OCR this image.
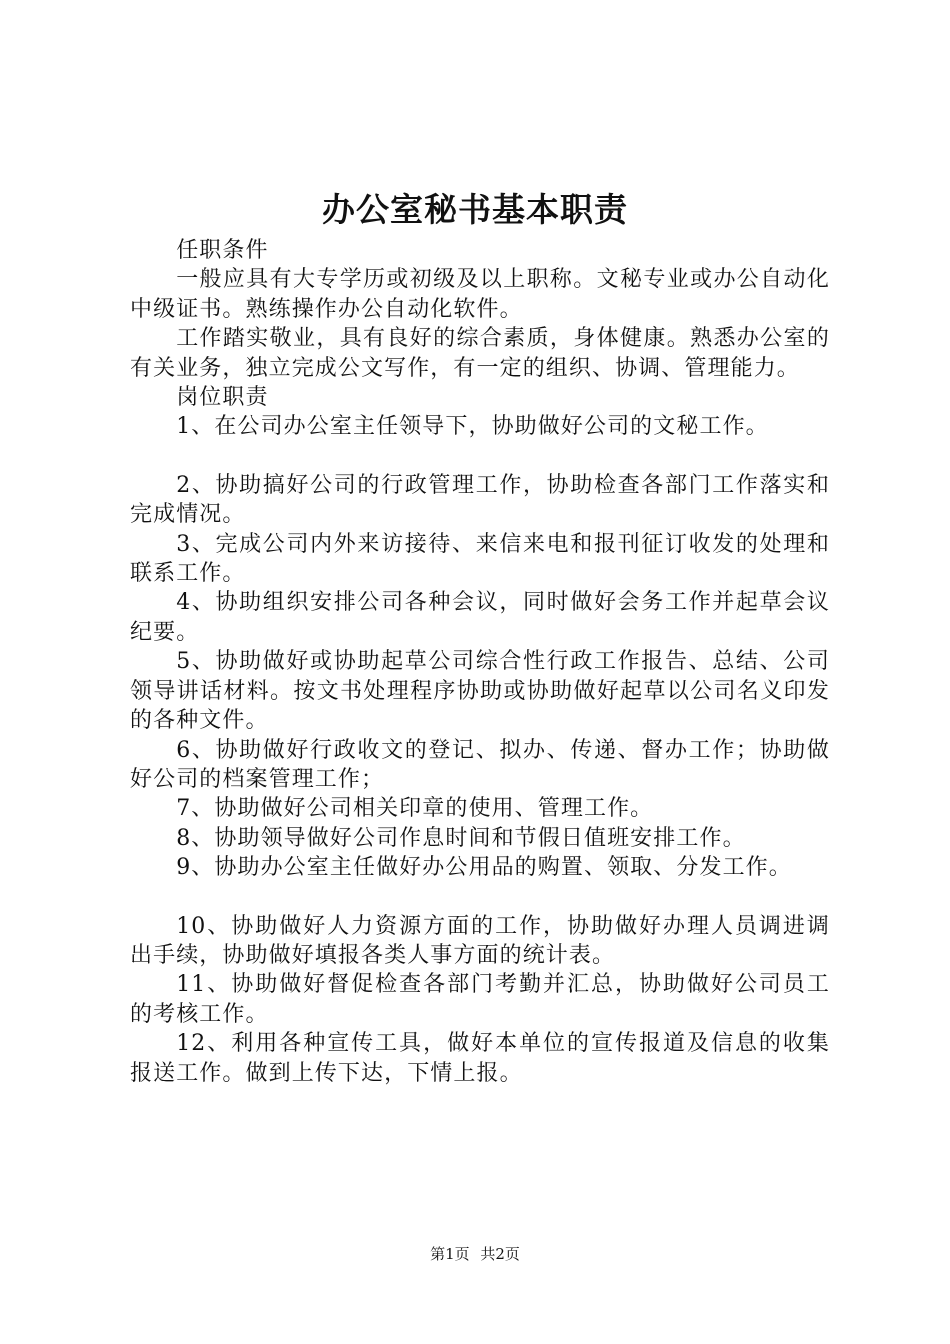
办公室秘书基本职责

任职条件

一般应具有大专学历或初级及以上职称。文秘专业或办公自动化中级证书。熟练操作办公自动化软件。

工作踏实敬业，具有良好的综合素质，身体健康。熟悉办公室的有关业务，独立完成公文写作，有一定的组织、协调、管理能力。

岗位职责

1、在公司办公室主任领导下，协助做好公司的文秘工作。

2、协助搞好公司的行政管理工作，协助检查各部门工作落实和完成情况。

3、完成公司内外来访接待、来信来电和报刊征订收发的处理和联系工作。

4、协助组织安排公司各种会议，同时做好会务工作并起草会议纪要。

5、协助做好或协助起草公司综合性行政工作报告、总结、公司领导讲话材料。按文书处理程序协助或协助做好起草以公司名义印发的各种文件。

6、协助做好行政收文的登记、拟办、传递、督办工作；协助做好公司的档案管理工作；

7、协助做好公司相关印章的使用、管理工作。

8、协助领导做好公司作息时间和节假日值班安排工作。

9、协助办公室主任做好办公用品的购置、领取、分发工作。

10、协助做好人力资源方面的工作，协助做好办理人员调进调出手续，协助做好填报各类人事方面的统计表。

11、协助做好督促检查各部门考勤并汇总，协助做好公司员工的考核工作。

12、利用各种宣传工具，做好本单位的宣传报道及信息的收集报送工作。做到上传下达，下情上报。

第1页 共2页
